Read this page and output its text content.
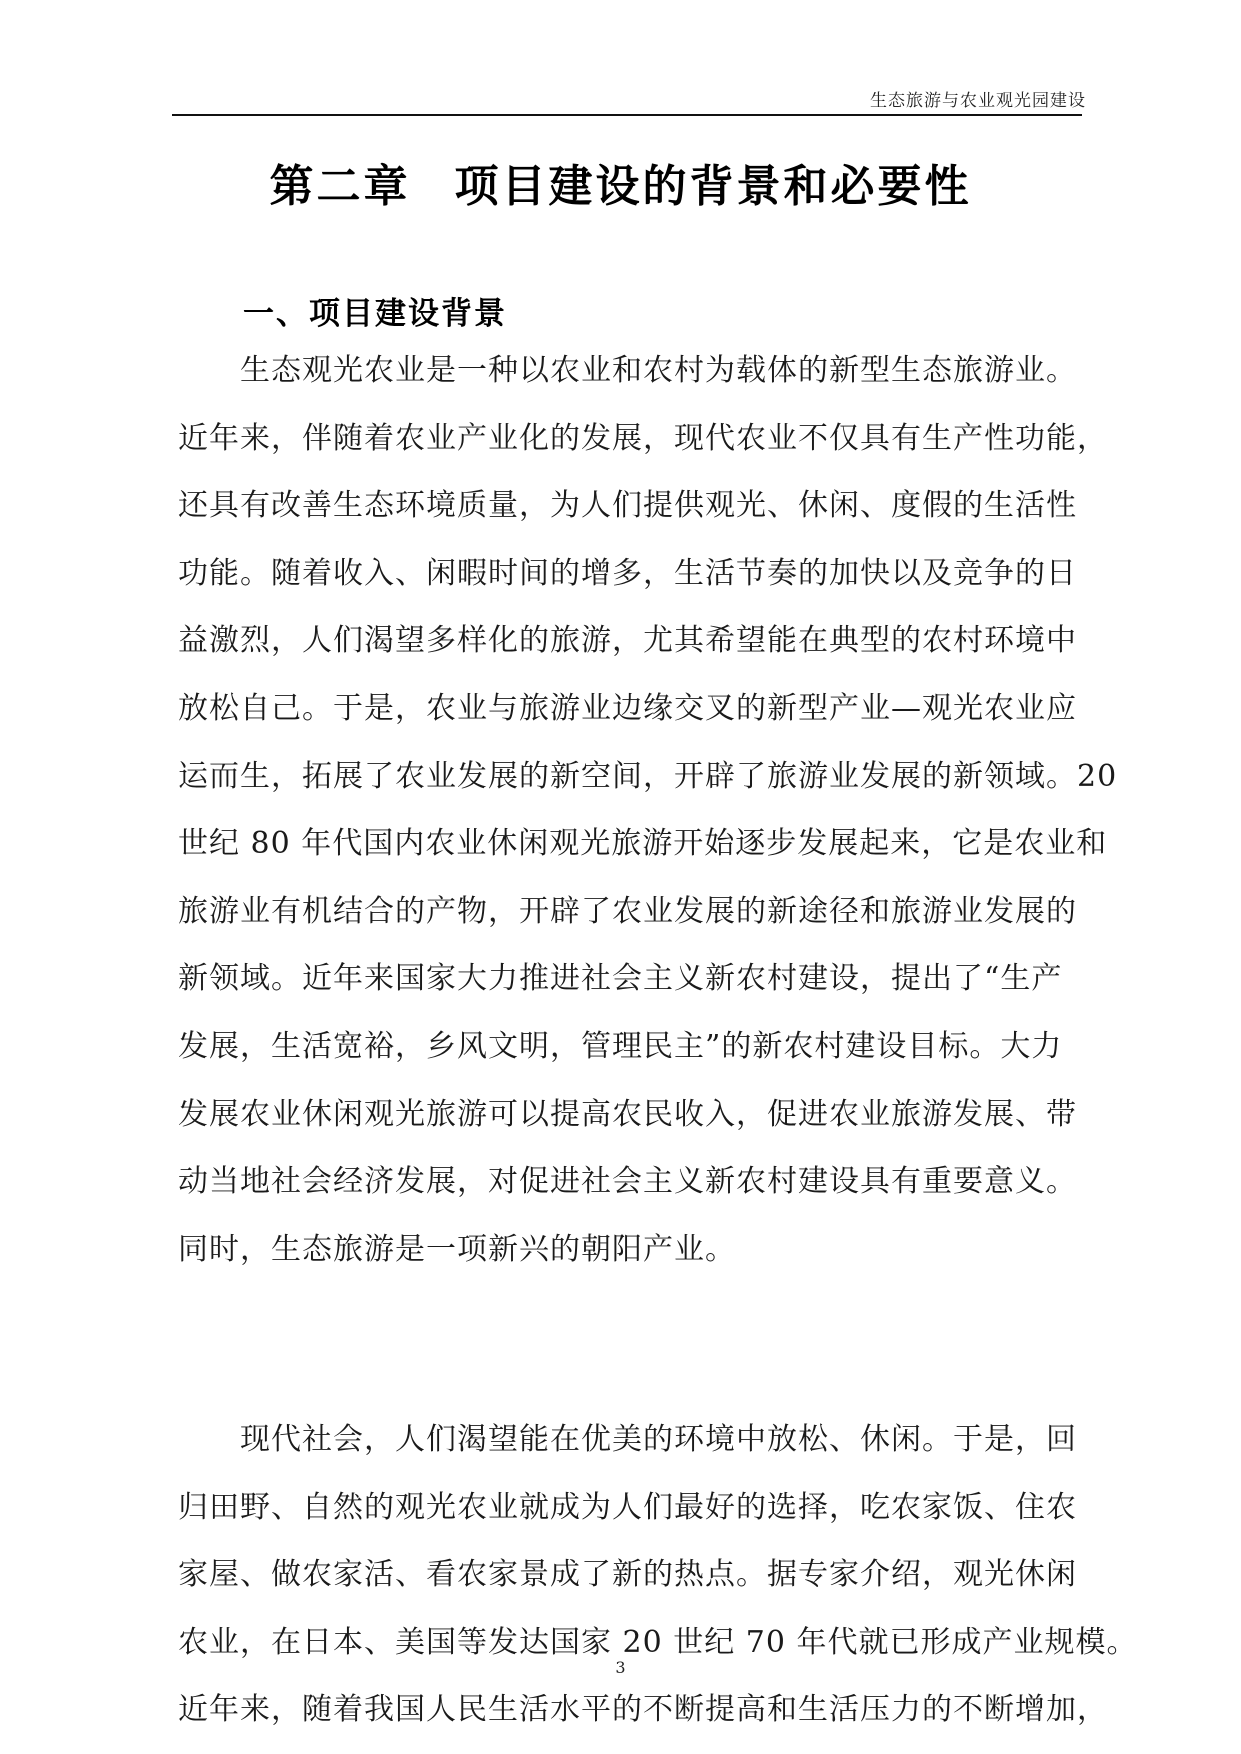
生态旅游与农业观光园建设
第二章 项目建设的背景和必要性
一、项目建设背景
　　生态观光农业是一种以农业和农村为载体的新型生态旅游业。
近年来，伴随着农业产业化的发展，现代农业不仅具有生产性功能，
还具有改善生态环境质量，为人们提供观光、休闲、度假的生活性
功能。随着收入、闲暇时间的增多，生活节奏的加快以及竞争的日
益激烈，人们渴望多样化的旅游，尤其希望能在典型的农村环境中
放松自己。于是，农业与旅游业边缘交叉的新型产业—观光农业应
运而生，拓展了农业发展的新空间，开辟了旅游业发展的新领域。20
世纪 80 年代国内农业休闲观光旅游开始逐步发展起来，它是农业和
旅游业有机结合的产物，开辟了农业发展的新途径和旅游业发展的
新领域。近年来国家大力推进社会主义新农村建设，提出了“生产
发展，生活宽裕，乡风文明，管理民主”的新农村建设目标。大力
发展农业休闲观光旅游可以提高农民收入，促进农业旅游发展、带
动当地社会经济发展，对促进社会主义新农村建设具有重要意义。
同时，生态旅游是一项新兴的朝阳产业。
　　现代社会，人们渴望能在优美的环境中放松、休闲。于是，回
归田野、自然的观光农业就成为人们最好的选择，吃农家饭、住农
家屋、做农家活、看农家景成了新的热点。据专家介绍，观光休闲
农业，在日本、美国等发达国家 20 世纪 70 年代就已形成产业规模。
近年来，随着我国人民生活水平的不断提高和生活压力的不断增加，
3
